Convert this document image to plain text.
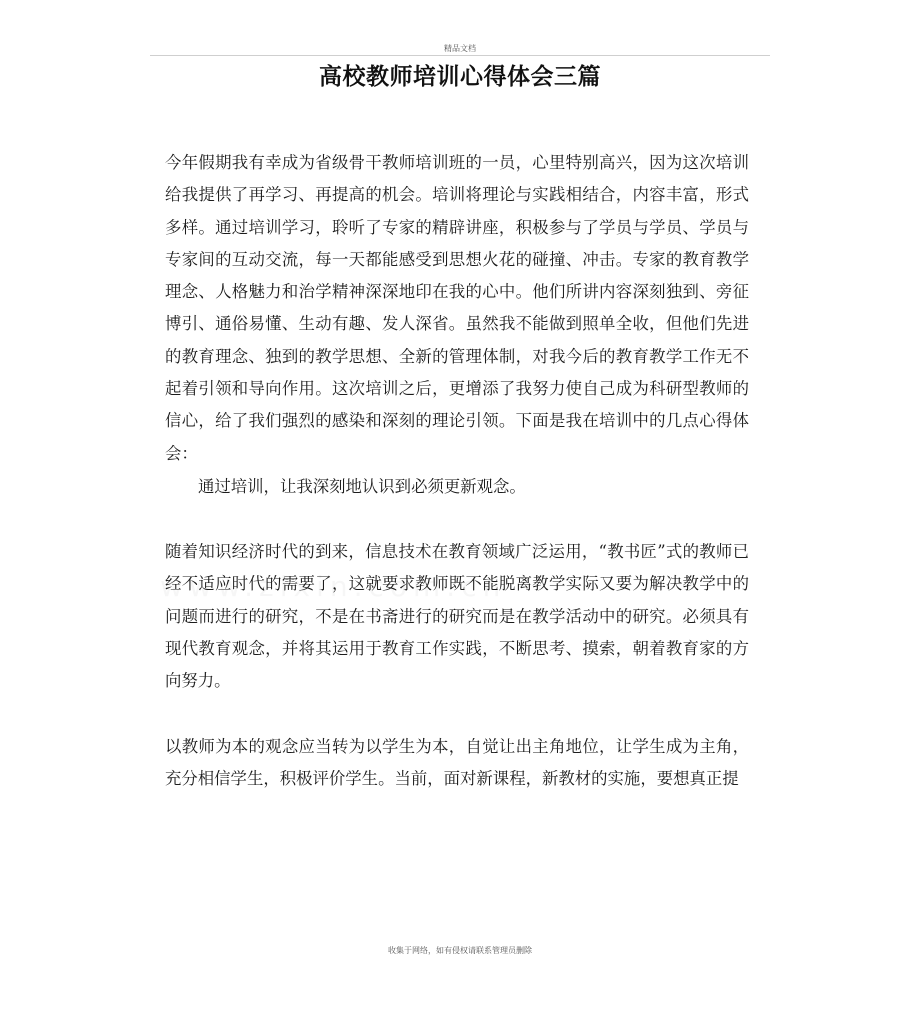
精品文档
高校教师培训心得体会三篇

今年假期我有幸成为省级骨干教师培训班的一员，心里特别高兴，因为这次培训给我提供了再学习、再提高的机会。培训将理论与实践相结合，内容丰富，形式多样。通过培训学习，聆听了专家的精辟讲座，积极参与了学员与学员、学员与专家间的互动交流，每一天都能感受到思想火花的碰撞、冲击。专家的教育教学理念、人格魅力和治学精神深深地印在我的心中。他们所讲内容深刻独到、旁征博引、通俗易懂、生动有趣、发人深省。虽然我不能做到照单全收，但他们先进的教育理念、独到的教学思想、全新的管理体制，对我今后的教育教学工作无不起着引领和导向作用。这次培训之后，更增添了我努力使自己成为科研型教师的信心，给了我们强烈的感染和深刻的理论引领。下面是我在培训中的几点心得体会：

通过培训，让我深刻地认识到必须更新观念。

随着知识经济时代的到来，信息技术在教育领域广泛运用，“教书匠”式的教师已经不适应时代的需要了，这就要求教师既不能脱离教学实际又要为解决教学中的问题而进行的研究，不是在书斋进行的研究而是在教学活动中的研究。必须具有现代教育观念，并将其运用于教育工作实践，不断思考、摸索，朝着教育家的方向努力。

以教师为本的观念应当转为以学生为本，自觉让出主角地位，让学生成为主角，充分相信学生，积极评价学生。当前，面对新课程，新教材的实施，要想真正提

收集于网络，如有侵权请联系管理员删除
